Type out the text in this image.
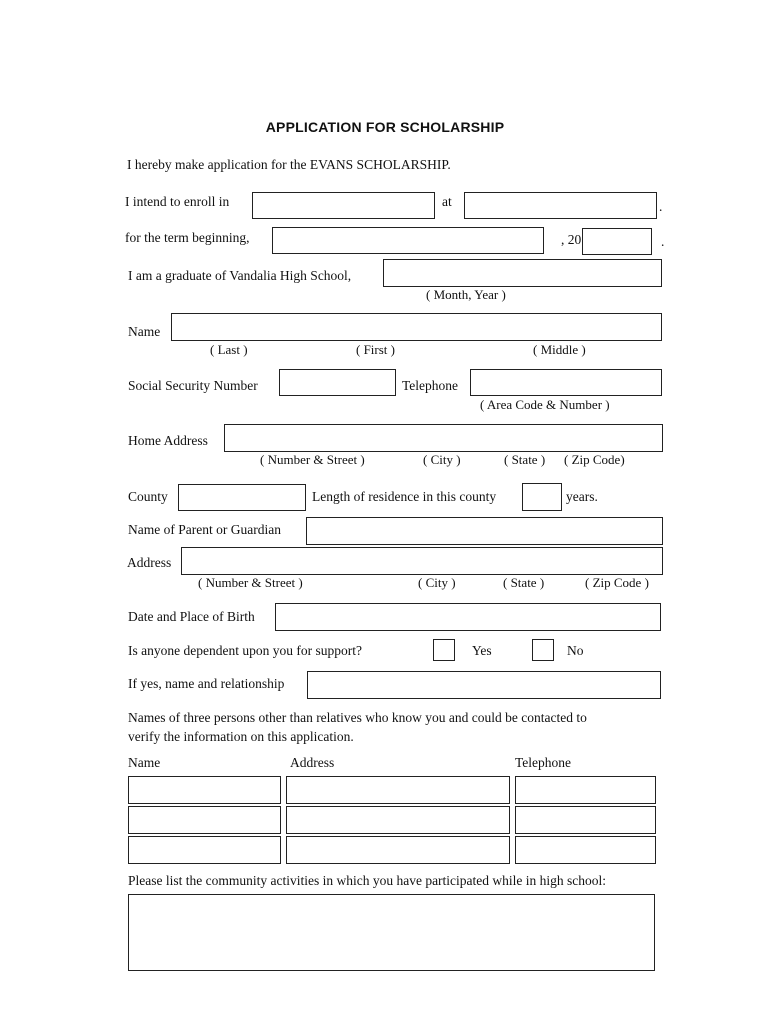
APPLICATION FOR SCHOLARSHIP
I hereby make application for the EVANS SCHOLARSHIP.
I intend to enroll in	at	.
for the term beginning,	, 20	.
I am a graduate of Vandalia High School,
( Month, Year )
Name
( Last )	( First )	( Middle )
Social Security Number	Telephone
( Area Code & Number )
Home Address
( Number & Street )	( City )	( State ) ( Zip Code)
County	Length of residence in this county	years.
Name of Parent or Guardian
Address
( Number & Street )	( City )	( State )	( Zip Code )
Date and Place of Birth
Is anyone dependent upon you for support?	Yes	No
If yes, name and relationship
Names of three persons other than relatives who know you and could be contacted to
verify the information on this application.
Name	Address	Telephone
Please list the community activities in which you have participated while in high school:
